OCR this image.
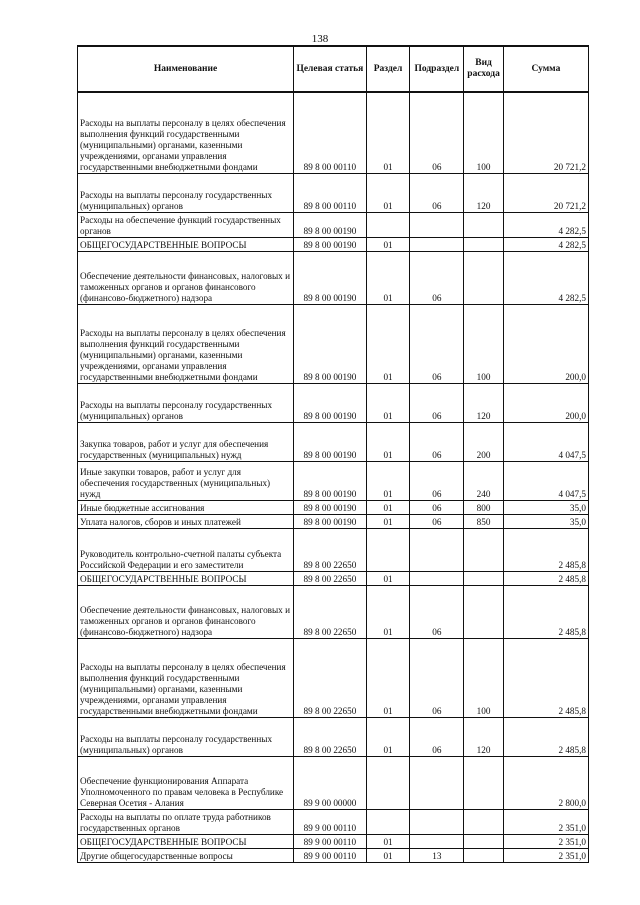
138
Наименование	Целевая статья	Раздел	Подраздел	Вид расхода	Сумма
Расходы на выплаты персоналу в целях обеспечения выполнения функций государственными (муниципальными) органами, казенными учреждениями, органами управления государственными внебюджетными фондами	89 8 00 00110	01	06	100	20 721,2
Расходы на выплаты персоналу государственных (муниципальных) органов	89 8 00 00110	01	06	120	20 721,2
Расходы на обеспечение функций государственных органов	89 8 00 00190				4 282,5
ОБЩЕГОСУДАРСТВЕННЫЕ ВОПРОСЫ	89 8 00 00190	01			4 282,5
Обеспечение деятельности финансовых, налоговых и таможенных органов и органов финансового (финансово-бюджетного) надзора	89 8 00 00190	01	06		4 282,5
Расходы на выплаты персоналу в целях обеспечения выполнения функций государственными (муниципальными) органами, казенными учреждениями, органами управления государственными внебюджетными фондами	89 8 00 00190	01	06	100	200,0
Расходы на выплаты персоналу государственных (муниципальных) органов	89 8 00 00190	01	06	120	200,0
Закупка товаров, работ и услуг для обеспечения государственных (муниципальных) нужд	89 8 00 00190	01	06	200	4 047,5
Иные закупки товаров, работ и услуг для обеспечения государственных (муниципальных) нужд	89 8 00 00190	01	06	240	4 047,5
Иные бюджетные ассигнования	89 8 00 00190	01	06	800	35,0
Уплата налогов, сборов и иных платежей	89 8 00 00190	01	06	850	35,0
Руководитель контрольно-счетной палаты субъекта Российской Федерации и его заместители	89 8 00 22650				2 485,8
ОБЩЕГОСУДАРСТВЕННЫЕ ВОПРОСЫ	89 8 00 22650	01			2 485,8
Обеспечение деятельности финансовых, налоговых и таможенных органов и органов финансового (финансово-бюджетного) надзора	89 8 00 22650	01	06		2 485,8
Расходы на выплаты персоналу в целях обеспечения выполнения функций государственными (муниципальными) органами, казенными учреждениями, органами управления государственными внебюджетными фондами	89 8 00 22650	01	06	100	2 485,8
Расходы на выплаты персоналу государственных (муниципальных) органов	89 8 00 22650	01	06	120	2 485,8
Обеспечение функционирования Аппарата Уполномоченного по правам человека в Республике Северная Осетия - Алания	89 9 00 00000				2 800,0
Расходы на выплаты по оплате труда работников государственных органов	89 9 00 00110				2 351,0
ОБЩЕГОСУДАРСТВЕННЫЕ ВОПРОСЫ	89 9 00 00110	01			2 351,0
Другие общегосударственные вопросы	89 9 00 00110	01	13		2 351,0
